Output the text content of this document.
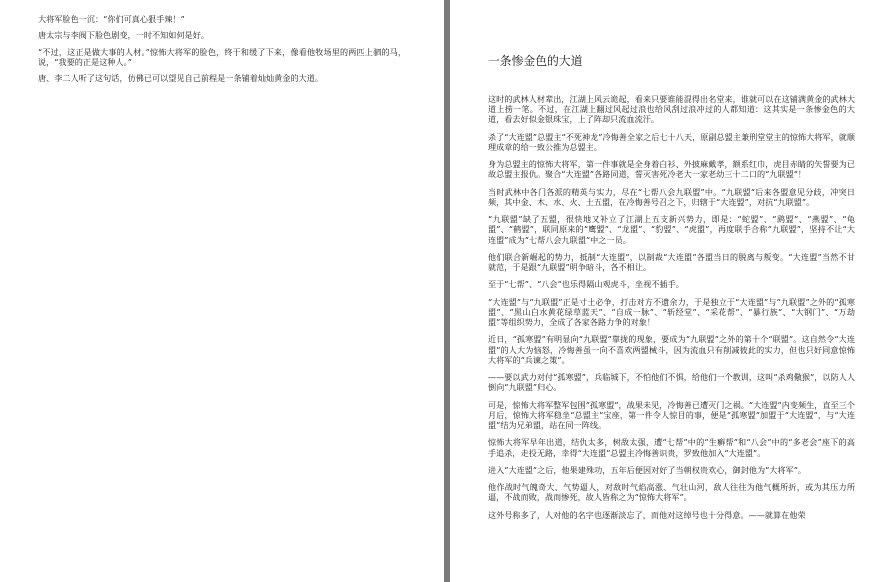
大将军脸色一沉：“你们可真心狠手辣！”

唐太宗与李阀下脸色剧变，一时不知如何是好。

“不过，这正是做大事的人材。”惊怖大将军的脸色，终于和缓了下来，像看他牧场里的两匹上驷的马，说，“我要的正是这种人。”

唐、李二人听了这句话，仿佛已可以望见自己前程是一条铺着灿灿黄金的大道。

一条惨金色的大道

这时的武林人材辈出，江湖上风云诡起，看来只要谁能混得出名堂来，谁就可以在这铺满黄金的武林大道上捞一笔。不过，在江湖上翻过风起过浪也给风刮过浪冲过的人都知道：这其实是一条惨金色的大道，看去好似金银珠宝，上了阵却只流血流汗。

杀了“大连盟”总盟主“不死神龙”冷悔善全家之后七十八天，原副总盟主兼刑堂堂主的惊怖大将军，就顺理成章的给一致公推为总盟主。

身为总盟主的惊怖大将军，第一件事就是全身着白衫、外披麻戴孝，额系红巾，虎目赤睛的矢誓要为已故总盟主报仇。聚合“大连盟”各路同道，誓灭害死冷老大一家老幼三十二口的“九联盟”！

当时武林中各门各派的精英与实力，尽在“七帮八会九联盟”中。“九联盟”后来各盟意见分歧，冲突日频，其中金、木、水、火、土五盟，在冷悔善号召之下，归辖于“大连盟”，对抗“九联盟”。

“九联盟”缺了五盟，很快地又补立了江湖上五支新兴势力，即是：“蛇盟”、“鹞盟”、“燕盟”、“龟盟”、“鹤盟”，联同原来的“鹰盟”、“龙盟”、“豹盟”、“虎盟”，再度联手合称“九联盟”，坚持不让“大连盟”成为“七帮八会九联盟”中之一员。

他们联合新崛起的势力，抵制“大连盟”，以制裁“大连盟”各盟当日的脱离与叛变。“大连盟”当然不甘就范，于是跟“九联盟”明争暗斗，各不相让。

至于“七帮”、“八会”也乐得隔山观虎斗，坐视不插手。

“大连盟”与“九联盟”正是寸土必争，打击对方不遗余力，于是独立于“大连盟”与“九联盟”之外的“孤寒盟”、“黑山白水黄花绿草蓝天”、“自成一脉”、“斩经堂”、“采花帮”、“暴行族”、“大钢门”、“万劫盟”等组织势力，全成了各家各路力争的对象！

近日，“孤寒盟”有明显向“九联盟”靠拢的现象，要成为“九联盟”之外的第十个“联盟”。这自然令“大连盟”的人大为恼怒，冷悔善虽一向不喜欢两盟械斗，因为流血只有削减彼此的实力，但也只好同意惊怖大将军的“兵谏之策”。

——要以武力对付“孤寒盟”，兵临城下，不怕他们不惧，给他们一个教训，这叫“杀鸡儆猴”，以防人人倒向“九联盟”归心。

可是，惊怖大将军整军包围“孤寒盟”，战果未见，冷悔善已遭灭门之祸。“大连盟”内变频生，直至三个月后，惊怖大将军稳坐“总盟主”宝座，第一件令人惊目的事，便是“孤寒盟”加盟于“大连盟”，与“大连盟”结为兄弟盟，站在同一阵线。

惊怖大将军早年出道，结仇太多，树敌太强，遭“七帮”中的“生癣帮”和“八会”中的“多老会”座下的高手追杀，走投无路，幸得“大连盟”总盟主冷悔善识贵，罗致他加入“大连盟”。

进入“大连盟”之后，他果建殊功，五年后便因对好了当朝权贵欢心，御封他为“大将军”。

他作战时气魄奇大、气势逼人，对敌时气焰高涨、气壮山河，敌人往往为他气概所折，或为其压力所逼，不战而败，战而惨死，故人皆称之为“惊怖大将军”。

这外号称多了，人对他的名字也逐渐淡忘了，而他对这绰号也十分得意。——就算在他荣
